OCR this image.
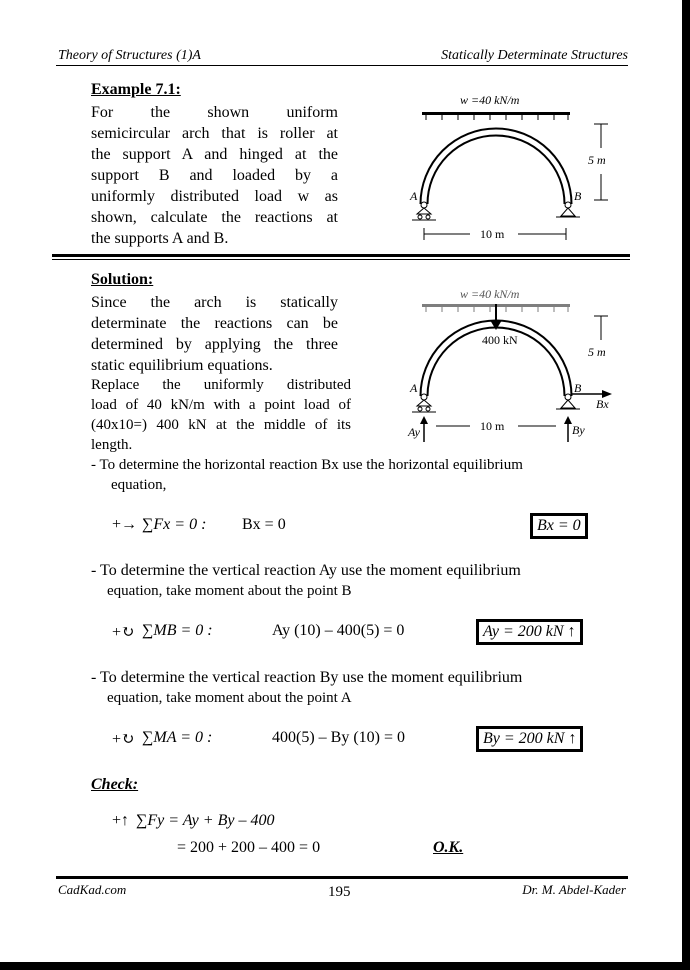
Theory of Structures (1)A	Statically Determinate Structures
Example 7.1:
For the shown uniform
semicircular arch that is roller at
the support A and hinged at the
support B and loaded by a
uniformly distributed load w as
shown, calculate the reactions at
the supports A and B.
w =40 kN/m
A	B
5 m
10 m
Solution:
Since the arch is statically
determinate the reactions can be
determined by applying the three
static equilibrium equations.
Replace the uniformly distributed
load of 40 kN/m with a point load of
(40x10=) 400 kN at the middle of its
length.
w =40 kN/m
400 kN
A	B
Ay	By
Bx
5 m
10 m
- To determine the horizontal reaction Bx use the horizontal equilibrium
equation,
+→ ∑Fx = 0 : Bx = 0	Bx = 0
- To determine the vertical reaction Ay use the moment equilibrium
equation, take moment about the point B
+↻ ∑MB = 0 :	Ay (10) – 400(5) = 0	Ay = 200 kN ↑
- To determine the vertical reaction By use the moment equilibrium
equation, take moment about the point A
+↻ ∑MA = 0 :	400(5) – By (10) = 0	By = 200 kN ↑
Check:
+↑ ∑Fy = Ay + By – 400
= 200 + 200 – 400 = 0	O.K.
CadKad.com	195	Dr. M. Abdel-Kader
